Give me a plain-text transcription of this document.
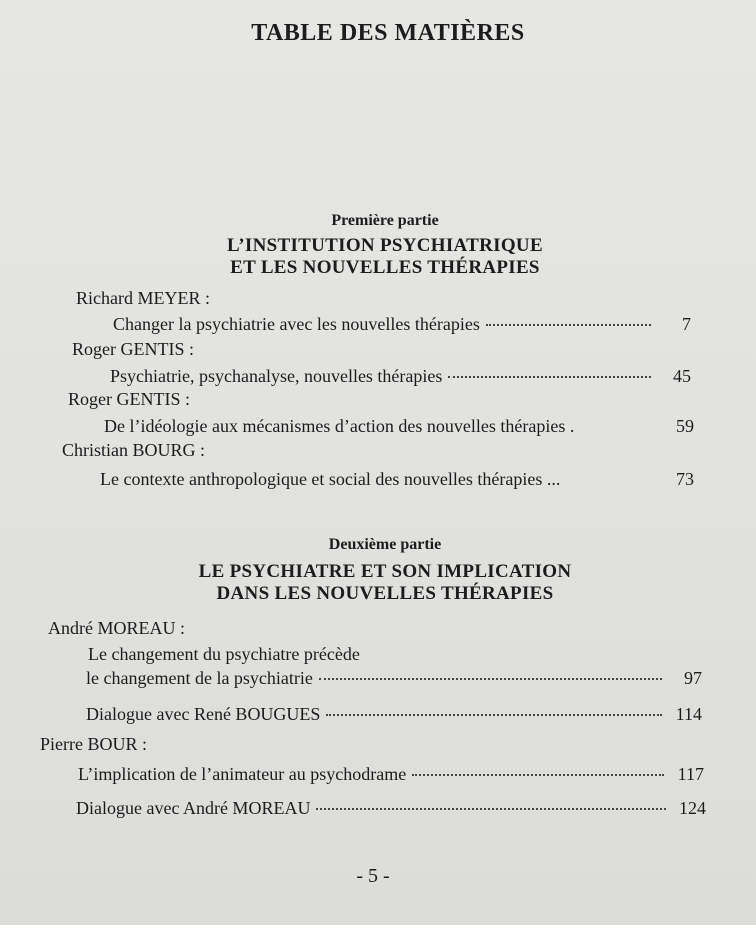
TABLE DES MATIÈRES
Première partie
L’INSTITUTION PSYCHIATRIQUE
ET LES NOUVELLES THÉRAPIES
Richard MEYER :
Changer la psychiatrie avec les nouvelles thérapies	7
Roger GENTIS :
Psychiatrie, psychanalyse, nouvelles thérapies	45
Roger GENTIS :
De l’idéologie aux mécanismes d’action des nouvelles thérapies .	59
Christian BOURG :
Le contexte anthropologique et social des nouvelles thérapies ...	73
Deuxième partie
LE PSYCHIATRE ET SON IMPLICATION
DANS LES NOUVELLES THÉRAPIES
André MOREAU :
Le changement du psychiatre précède
le changement de la psychiatrie	97
Dialogue avec René BOUGUES	114
Pierre BOUR :
L’implication de l’animateur au psychodrame	117
Dialogue avec André MOREAU	124
- 5 -
